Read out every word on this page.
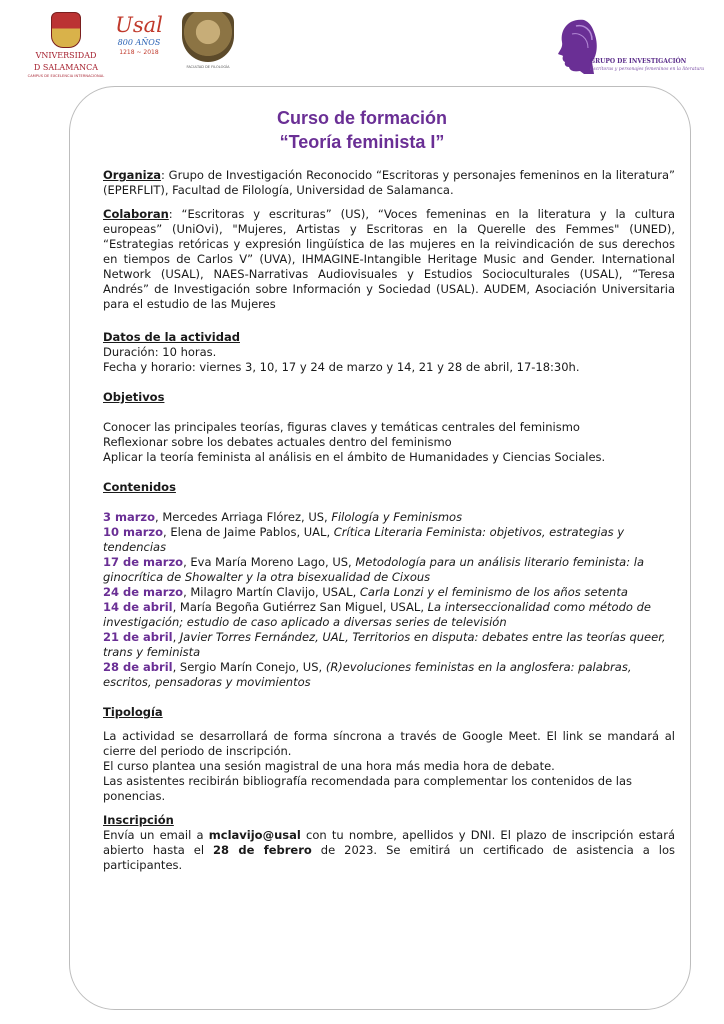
VNIVERSIDAD
D SALAMANCA
CAMPUS DE EXCELENCIA INTERNACIONAL
Usal
800 AÑOS
1218 ~ 2018
FACULTAD DE FILOLOGÍA
GRUPO DE INVESTIGACIÓN
Escritoras y personajes femeninos en la literatura
Curso de formación
“Teoría feminista I”

Organiza: Grupo de Investigación Reconocido “Escritoras y personajes femeninos en la literatura” (EPERFLIT), Facultad de Filología, Universidad de Salamanca.

Colaboran: “Escritoras y escrituras” (US), “Voces femeninas en la literatura y la cultura europeas” (UniOvi), "Mujeres, Artistas y Escritoras en la Querelle des Femmes" (UNED), “Estrategias retóricas y expresión lingüística de las mujeres en la reivindicación de sus derechos en tiempos de Carlos V” (UVA), IHMAGINE-Intangible Heritage Music and Gender. International Network (USAL), NAES-Narrativas Audiovisuales y Estudios Socioculturales (USAL), “Teresa Andrés” de Investigación sobre Información y Sociedad (USAL). AUDEM, Asociación Universitaria para el estudio de las Mujeres

Datos de la actividad

Duración: 10 horas.

Fecha y horario: viernes 3, 10, 17 y 24 de marzo y 14, 21 y 28 de abril, 17-18:30h.

Objetivos

Conocer las principales teorías, figuras claves y temáticas centrales del feminismo

Reflexionar sobre los debates actuales dentro del feminismo

Aplicar la teoría feminista al análisis en el ámbito de Humanidades y Ciencias Sociales.

Contenidos

3 marzo, Mercedes Arriaga Flórez, US, Filología y Feminismos

10 marzo, Elena de Jaime Pablos, UAL, Crítica Literaria Feminista: objetivos, estrategias y tendencias

17 de marzo, Eva María Moreno Lago, US, Metodología para un análisis literario feminista: la ginocrítica de Showalter y la otra bisexualidad de Cixous

24 de marzo, Milagro Martín Clavijo, USAL, Carla Lonzi y el feminismo de los años setenta

14 de abril, María Begoña Gutiérrez San Miguel, USAL, La interseccionalidad como método de investigación; estudio de caso aplicado a diversas series de televisión

21 de abril, Javier Torres Fernández, UAL, Territorios en disputa: debates entre las teorías queer, trans y feminista

28 de abril, Sergio Marín Conejo, US, (R)evoluciones feministas en la anglosfera: palabras, escritos, pensadoras y movimientos

Tipología

La actividad se desarrollará de forma síncrona a través de Google Meet. El link se mandará al cierre del periodo de inscripción.

El curso plantea una sesión magistral de una hora más media hora de debate.

Las asistentes recibirán bibliografía recomendada para complementar los contenidos de las ponencias.

Inscripción

Envía un email a mclavijo@usal con tu nombre, apellidos y DNI. El plazo de inscripción estará abierto hasta el 28 de febrero de 2023. Se emitirá un certificado de asistencia a los participantes.
